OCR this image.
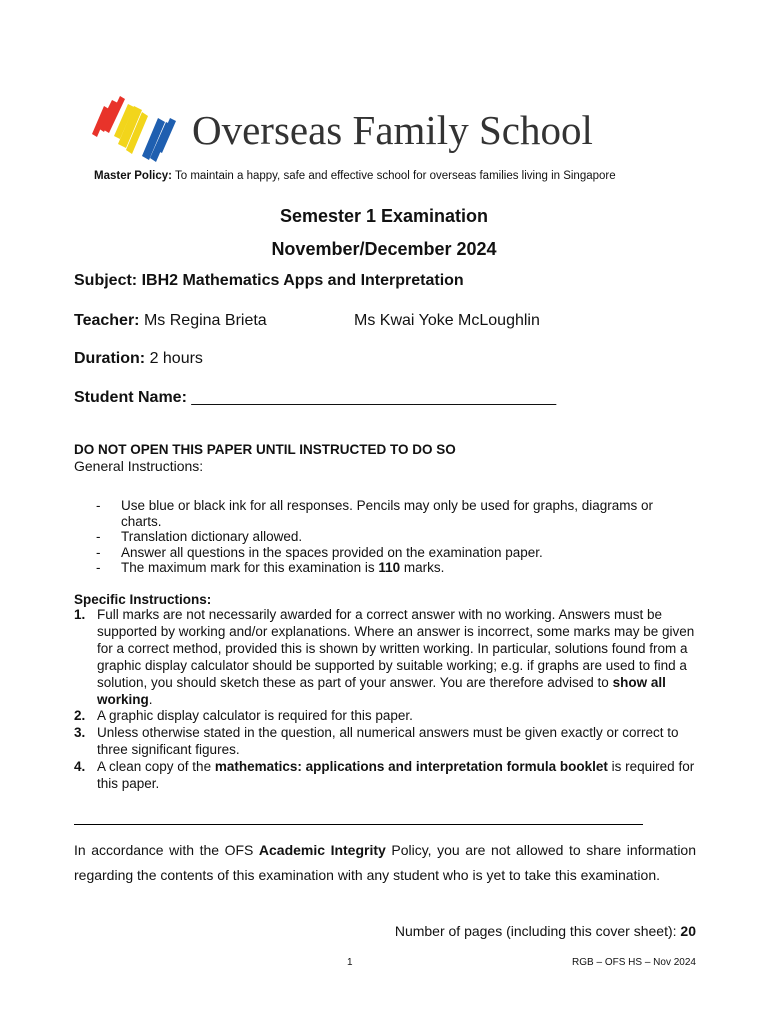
Overseas Family School
Master Policy: To maintain a happy, safe and effective school for overseas families living in Singapore
Semester 1 Examination
November/December 2024
Subject: IBH2 Mathematics Apps and Interpretation
Teacher: Ms Regina Brieta	Ms Kwai Yoke McLoughlin
Duration: 2 hours
Student Name: _________________________________________
DO NOT OPEN THIS PAPER UNTIL INSTRUCTED TO DO SO
General Instructions:
-	Use blue or black ink for all responses. Pencils may only be used for graphs, diagrams or charts.
-	Translation dictionary allowed.
-	Answer all questions in the spaces provided on the examination paper.
-	The maximum mark for this examination is 110 marks.
Specific Instructions:
1. Full marks are not necessarily awarded for a correct answer with no working. Answers must be supported by working and/or explanations. Where an answer is incorrect, some marks may be given for a correct method, provided this is shown by written working. In particular, solutions found from a graphic display calculator should be supported by suitable working; e.g. if graphs are used to find a solution, you should sketch these as part of your answer. You are therefore advised to show all working.
2. A graphic display calculator is required for this paper.
3. Unless otherwise stated in the question, all numerical answers must be given exactly or correct to three significant figures.
4. A clean copy of the mathematics: applications and interpretation formula booklet is required for this paper.
In accordance with the OFS Academic Integrity Policy, you are not allowed to share information regarding the contents of this examination with any student who is yet to take this examination.
Number of pages (including this cover sheet): 20
1	RGB – OFS HS – Nov 2024
